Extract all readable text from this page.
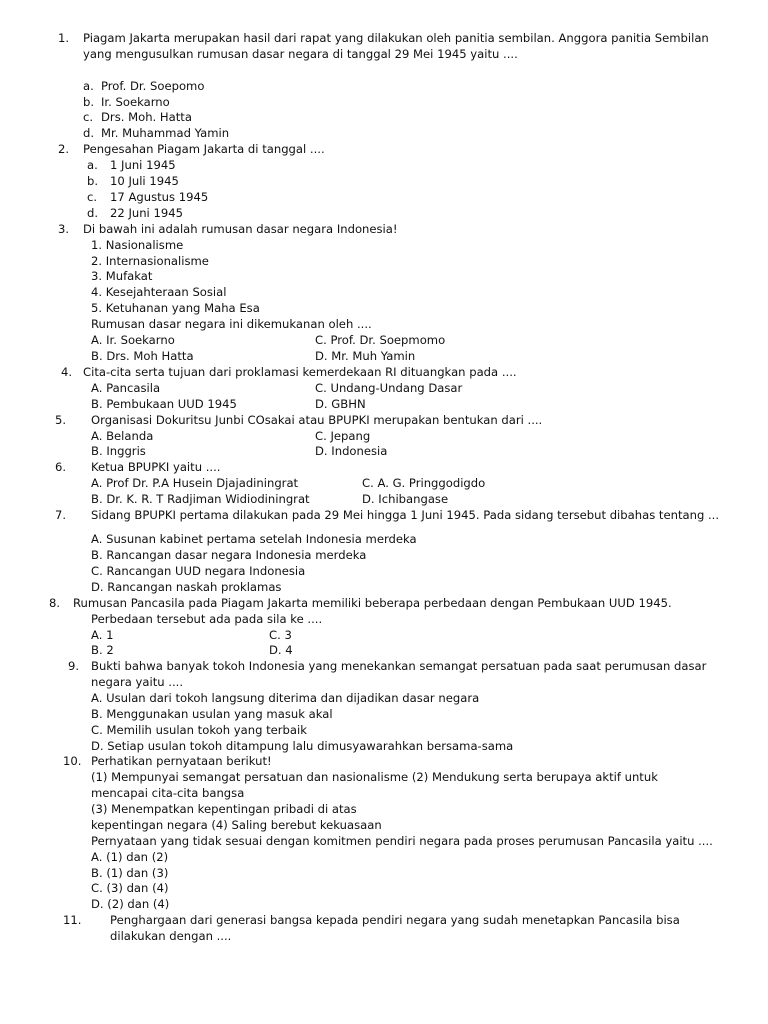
1. Piagam Jakarta merupakan hasil dari rapat yang dilakukan oleh panitia sembilan. Anggora panitia Sembilan
yang mengusulkan rumusan dasar negara di tanggal 29 Mei 1945 yaitu ....
a. Prof. Dr. Soepomo
b. Ir. Soekarno
c. Drs. Moh. Hatta
d. Mr. Muhammad Yamin
2. Pengesahan Piagam Jakarta di tanggal ....
a. 1 Juni 1945
b. 10 Juli 1945
c. 17 Agustus 1945
d. 22 Juni 1945
3. Di bawah ini adalah rumusan dasar negara Indonesia!
1. Nasionalisme
2. Internasionalisme
3. Mufakat
4. Kesejahteraan Sosial
5. Ketuhanan yang Maha Esa
Rumusan dasar negara ini dikemukanan oleh ....
A. Ir. Soekarno	C. Prof. Dr. Soepmomo
B. Drs. Moh Hatta	D. Mr. Muh Yamin
4. Cita-cita serta tujuan dari proklamasi kemerdekaan RI dituangkan pada ....
A. Pancasila	C. Undang-Undang Dasar
B. Pembukaan UUD 1945	D. GBHN
5. Organisasi Dokuritsu Junbi COsakai atau BPUPKI merupakan bentukan dari ....
A. Belanda	C. Jepang
B. Inggris	D. Indonesia
6. Ketua BPUPKI yaitu ....
A. Prof Dr. P.A Husein Djajadiningrat	C. A. G. Pringgodigdo
B. Dr. K. R. T Radjiman Widiodiningrat	D. Ichibangase
7. Sidang BPUPKI pertama dilakukan pada 29 Mei hingga 1 Juni 1945. Pada sidang tersebut dibahas tentang ...
A. Susunan kabinet pertama setelah Indonesia merdeka
B. Rancangan dasar negara Indonesia merdeka
C. Rancangan UUD negara Indonesia
D. Rancangan naskah proklamas
8. Rumusan Pancasila pada Piagam Jakarta memiliki beberapa perbedaan dengan Pembukaan UUD 1945.
Perbedaan tersebut ada pada sila ke ....
A. 1	C. 3
B. 2	D. 4
9. Bukti bahwa banyak tokoh Indonesia yang menekankan semangat persatuan pada saat perumusan dasar
negara yaitu ....
A. Usulan dari tokoh langsung diterima dan dijadikan dasar negara
B. Menggunakan usulan yang masuk akal
C. Memilih usulan tokoh yang terbaik
D. Setiap usulan tokoh ditampung lalu dimusyawarahkan bersama-sama
10. Perhatikan pernyataan berikut!
(1) Mempunyai semangat persatuan dan nasionalisme (2) Mendukung serta berupaya aktif untuk
mencapai cita-cita bangsa
(3) Menempatkan kepentingan pribadi di atas
kepentingan negara (4) Saling berebut kekuasaan
Pernyataan yang tidak sesuai dengan komitmen pendiri negara pada proses perumusan Pancasila yaitu ....
A. (1) dan (2)
B. (1) dan (3)
C. (3) dan (4)
D. (2) dan (4)
11. Penghargaan dari generasi bangsa kepada pendiri negara yang sudah menetapkan Pancasila bisa
dilakukan dengan ....
